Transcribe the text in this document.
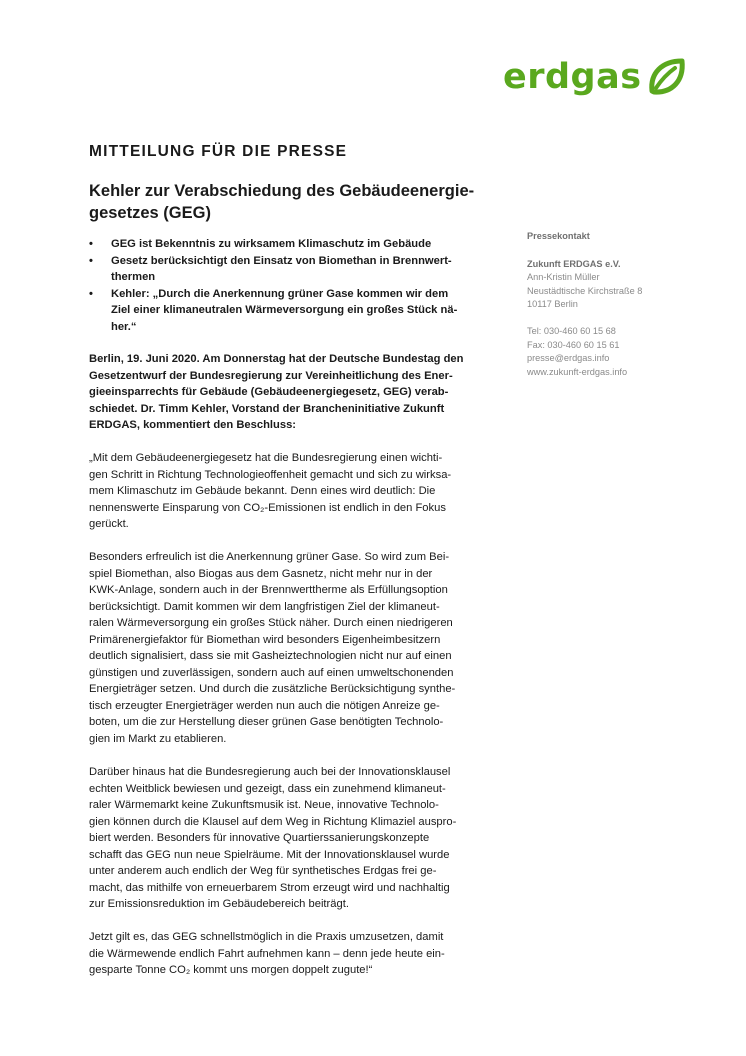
erdgas
MITTEILUNG FÜR DIE PRESSE
Kehler zur Verabschiedung des Gebäudeenergie-
gesetzes (GEG)
• GEG ist Bekenntnis zu wirksamem Klimaschutz im Gebäude
• Gesetz berücksichtigt den Einsatz von Biomethan in Brennwert-
thermen
• Kehler: „Durch die Anerkennung grüner Gase kommen wir dem
Ziel einer klimaneutralen Wärmeversorgung ein großes Stück nä-
her.“
Berlin, 19. Juni 2020. Am Donnerstag hat der Deutsche Bundestag den
Gesetzentwurf der Bundesregierung zur Vereinheitlichung des Ener-
gieeinsparrechts für Gebäude (Gebäudeenergiegesetz, GEG) verab-
schiedet. Dr. Timm Kehler, Vorstand der Brancheninitiative Zukunft
ERDGAS, kommentiert den Beschluss:
„Mit dem Gebäudeenergiegesetz hat die Bundesregierung einen wichti-
gen Schritt in Richtung Technologieoffenheit gemacht und sich zu wirksa-
mem Klimaschutz im Gebäude bekannt. Denn eines wird deutlich: Die
nennenswerte Einsparung von CO₂-Emissionen ist endlich in den Fokus
gerückt.
Besonders erfreulich ist die Anerkennung grüner Gase. So wird zum Bei-
spiel Biomethan, also Biogas aus dem Gasnetz, nicht mehr nur in der
KWK-Anlage, sondern auch in der Brennwerttherme als Erfüllungsoption
berücksichtigt. Damit kommen wir dem langfristigen Ziel der klimaneut-
ralen Wärmeversorgung ein großes Stück näher. Durch einen niedrigeren
Primärenergiefaktor für Biomethan wird besonders Eigenheimbesitzern
deutlich signalisiert, dass sie mit Gasheiztechnologien nicht nur auf einen
günstigen und zuverlässigen, sondern auch auf einen umweltschonenden
Energieträger setzen. Und durch die zusätzliche Berücksichtigung synthe-
tisch erzeugter Energieträger werden nun auch die nötigen Anreize ge-
boten, um die zur Herstellung dieser grünen Gase benötigten Technolo-
gien im Markt zu etablieren.
Darüber hinaus hat die Bundesregierung auch bei der Innovationsklausel
echten Weitblick bewiesen und gezeigt, dass ein zunehmend klimaneut-
raler Wärmemarkt keine Zukunftsmusik ist. Neue, innovative Technolo-
gien können durch die Klausel auf dem Weg in Richtung Klimaziel auspro-
biert werden. Besonders für innovative Quartierssanierungskonzepte
schafft das GEG nun neue Spielräume. Mit der Innovationsklausel wurde
unter anderem auch endlich der Weg für synthetisches Erdgas frei ge-
macht, das mithilfe von erneuerbarem Strom erzeugt wird und nachhaltig
zur Emissionsreduktion im Gebäudebereich beiträgt.
Jetzt gilt es, das GEG schnellstmöglich in die Praxis umzusetzen, damit
die Wärmewende endlich Fahrt aufnehmen kann – denn jede heute ein-
gesparte Tonne CO₂ kommt uns morgen doppelt zugute!“
Pressekontakt
Zukunft ERDGAS e.V.
Ann-Kristin Müller
Neustädtische Kirchstraße 8
10117 Berlin
Tel: 030-460 60 15 68
Fax: 030-460 60 15 61
presse@erdgas.info
www.zukunft-erdgas.info
